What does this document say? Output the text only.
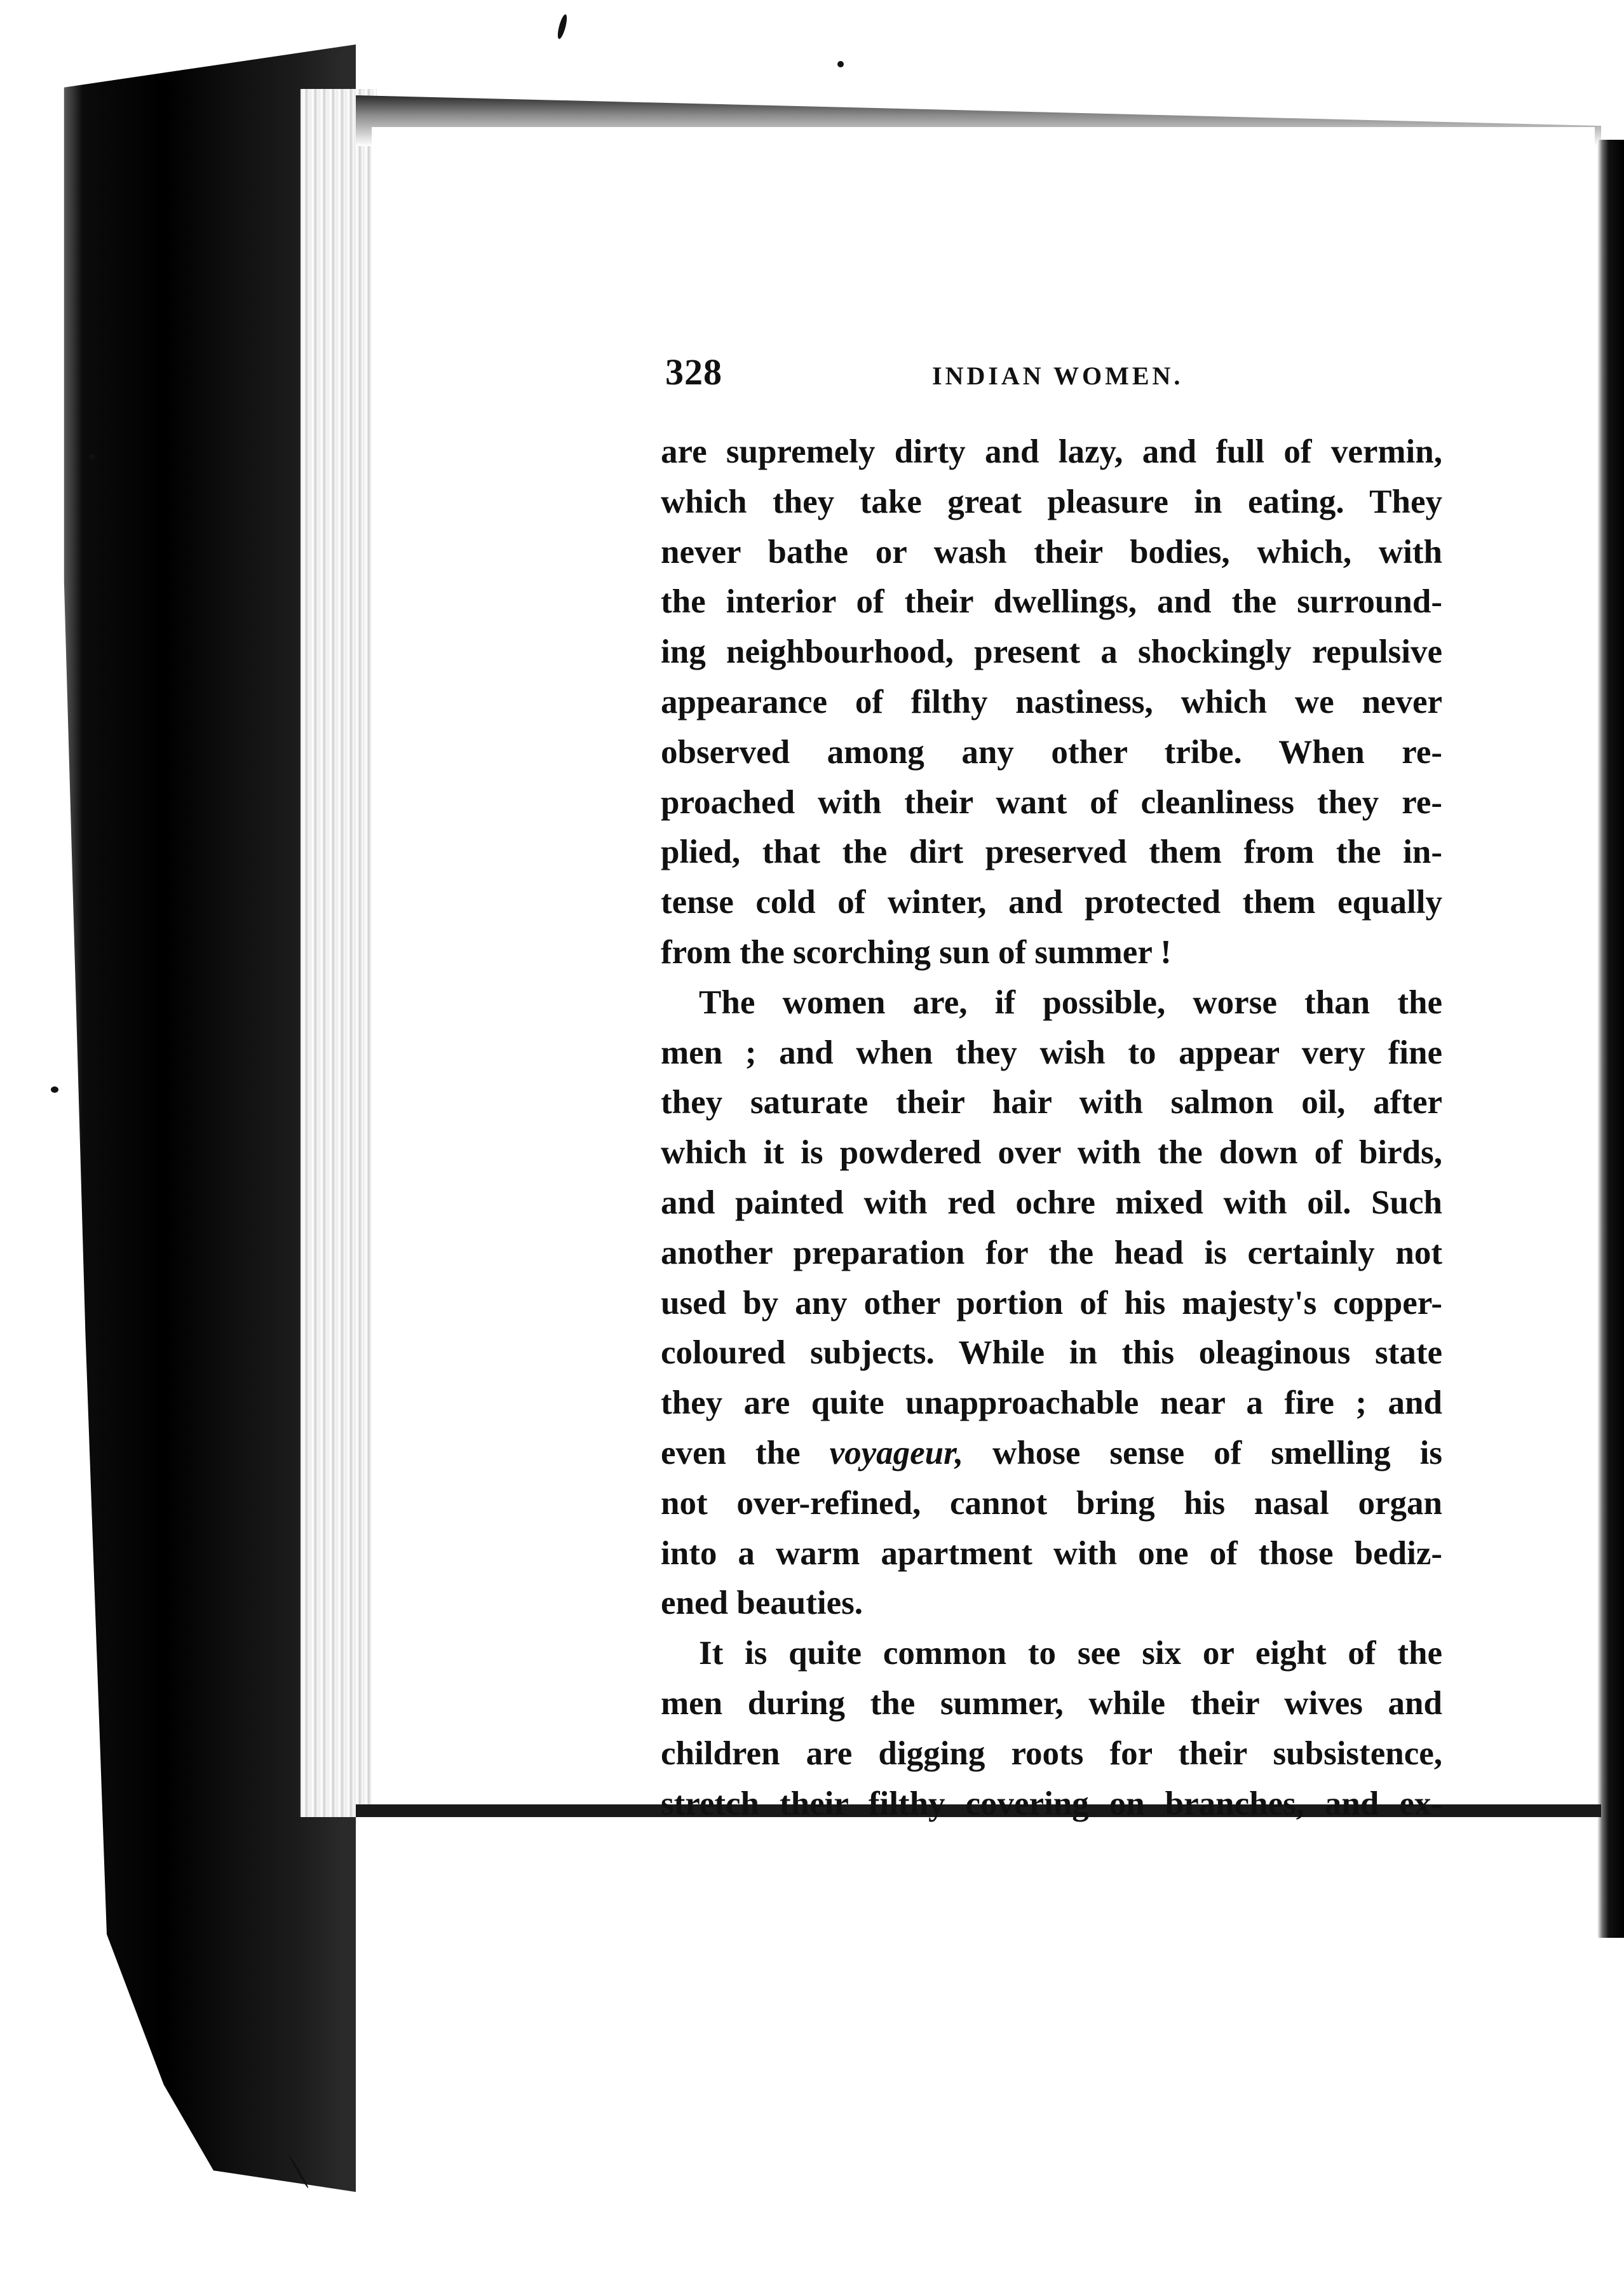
328	INDIAN WOMEN.
are supremely dirty and lazy, and full of vermin,
which they take great pleasure in eating. They
never bathe or wash their bodies, which, with
the interior of their dwellings, and the surround-
ing neighbourhood, present a shockingly repulsive
appearance of filthy nastiness, which we never
observed among any other tribe. When re-
proached with their want of cleanliness they re-
plied, that the dirt preserved them from the in-
tense cold of winter, and protected them equally
from the scorching sun of summer !
The women are, if possible, worse than the
men ; and when they wish to appear very fine
they saturate their hair with salmon oil, after
which it is powdered over with the down of birds,
and painted with red ochre mixed with oil. Such
another preparation for the head is certainly not
used by any other portion of his majesty's copper-
coloured subjects. While in this oleaginous state
they are quite unapproachable near a fire ; and
even the voyageur, whose sense of smelling is
not over-refined, cannot bring his nasal organ
into a warm apartment with one of those bediz-
ened beauties.
It is quite common to see six or eight of the
men during the summer, while their wives and
children are digging roots for their subsistence,
stretch their filthy covering on branches, and ex-
